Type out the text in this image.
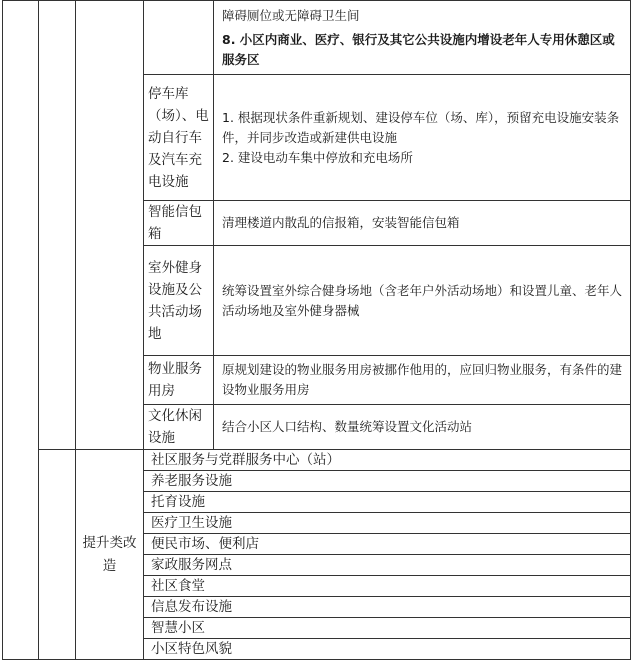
				障碍厕位或无障碍卫生间

8. 小区内商业、医疗、银行及其它公共设施内增设老年人专用休憩区或服务区

			停车库（场）、电动自行车及汽车充电设施	1. 根据现状条件重新规划、建设停车位（场、库），预留充电设施安装条件，并同步改造或新建供电设施

2. 建设电动车集中停放和充电场所

			智能信包箱	清理楼道内散乱的信报箱，安装智能信包箱

			室外健身设施及公共活动场地	统筹设置室外综合健身场地（含老年户外活动场地）和设置儿童、老年人活动场地及室外健身器械

			物业服务用房	原规划建设的物业服务用房被挪作他用的，应回归物业服务，有条件的建设物业服务用房

			文化休闲设施	结合小区人口结构、数量统筹设置文化活动站

		提升类改造	社区服务与党群服务中心（站）	
			养老服务设施	
			托育设施	
			医疗卫生设施	
			便民市场、便利店	
			家政服务网点	
			社区食堂	
			信息发布设施	
			智慧小区	
			小区特色风貌	
